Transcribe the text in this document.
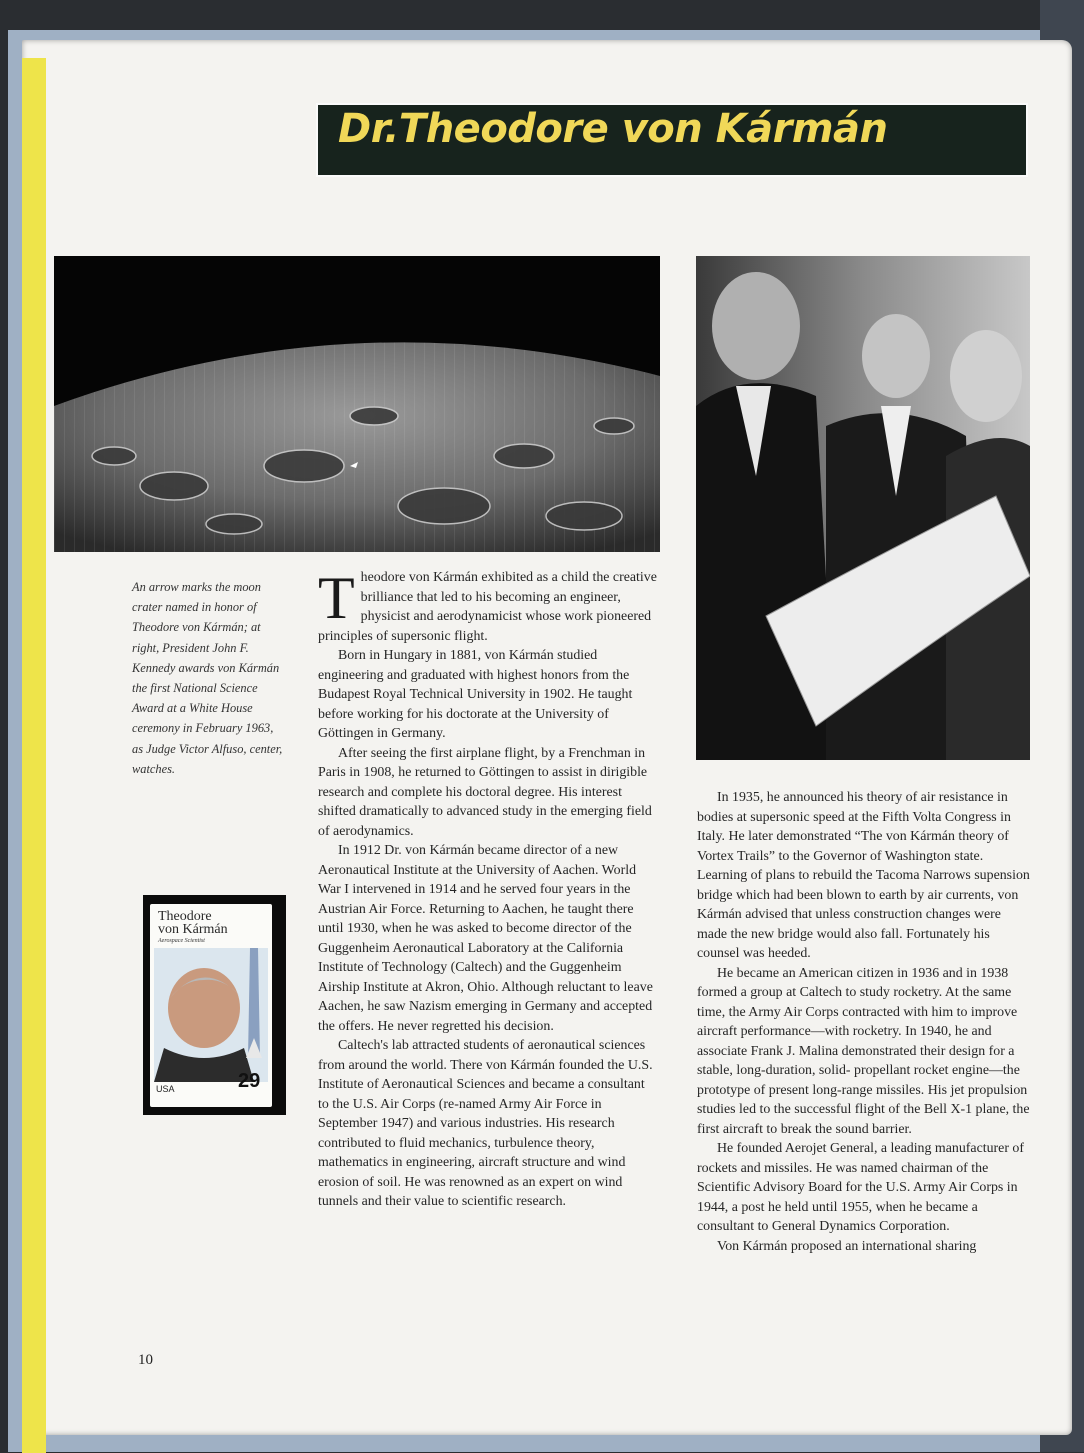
Dr.Theodore von Kármán
An arrow marks the moon crater named in honor of Theodore von Kármán; at right, President John F. Kennedy awards von Kármán the first National Science Award at a White House ceremony in February 1963, as Judge Victor Alfuso, center, watches.
Theodore
von Kármán
Aerospace Scientist
USA	29

Theodore von Kármán exhibited as a child the creative brilliance that led to his becoming an engineer, physicist and aerodynamicist whose work pioneered principles of supersonic flight.

Born in Hungary in 1881, von Kármán studied engineering and graduated with highest honors from the Budapest Royal Technical University in 1902. He taught before working for his doctorate at the University of Göttingen in Germany.

After seeing the first airplane flight, by a Frenchman in Paris in 1908, he returned to Göttingen to assist in dirigible research and complete his doctoral degree. His interest shifted dramatically to advanced study in the emerging field of aerodynamics.

In 1912 Dr. von Kármán became director of a new Aeronautical Institute at the University of Aachen. World War I intervened in 1914 and he served four years in the Austrian Air Force. Returning to Aachen, he taught there until 1930, when he was asked to become director of the Guggenheim Aeronautical Laboratory at the California Institute of Technology (Caltech) and the Guggenheim Airship Institute at Akron, Ohio. Although reluctant to leave Aachen, he saw Nazism emerging in Germany and accepted the offers. He never regretted his decision.

Caltech's lab attracted students of aeronautical sciences from around the world. There von Kármán founded the U.S. Institute of Aeronautical Sciences and became a consultant to the U.S. Air Corps (re-named Army Air Force in September 1947) and various industries. His research contributed to fluid mechanics, turbulence theory, mathematics in engineering, aircraft structure and wind erosion of soil. He was renowned as an expert on wind tunnels and their value to scientific research.

In 1935, he announced his theory of air resistance in bodies at supersonic speed at the Fifth Volta Congress in Italy. He later demonstrated “The von Kármán theory of Vortex Trails” to the Governor of Washington state. Learning of plans to rebuild the Tacoma Narrows supension bridge which had been blown to earth by air currents, von Kármán advised that unless construction changes were made the new bridge would also fall. Fortunately his counsel was heeded.

He became an American citizen in 1936 and in 1938 formed a group at Caltech to study rocketry. At the same time, the Army Air Corps contracted with him to improve aircraft performance—with rocketry. In 1940, he and associate Frank J. Malina demonstrated their design for a stable, long-duration, solid- propellant rocket engine—the prototype of present long-range missiles. His jet propulsion studies led to the successful flight of the Bell X-1 plane, the first aircraft to break the sound barrier.

He founded Aerojet General, a leading manufacturer of rockets and missiles. He was named chairman of the Scientific Advisory Board for the U.S. Army Air Corps in 1944, a post he held until 1955, when he became a consultant to General Dynamics Corporation.

Von Kármán proposed an international sharing

10
